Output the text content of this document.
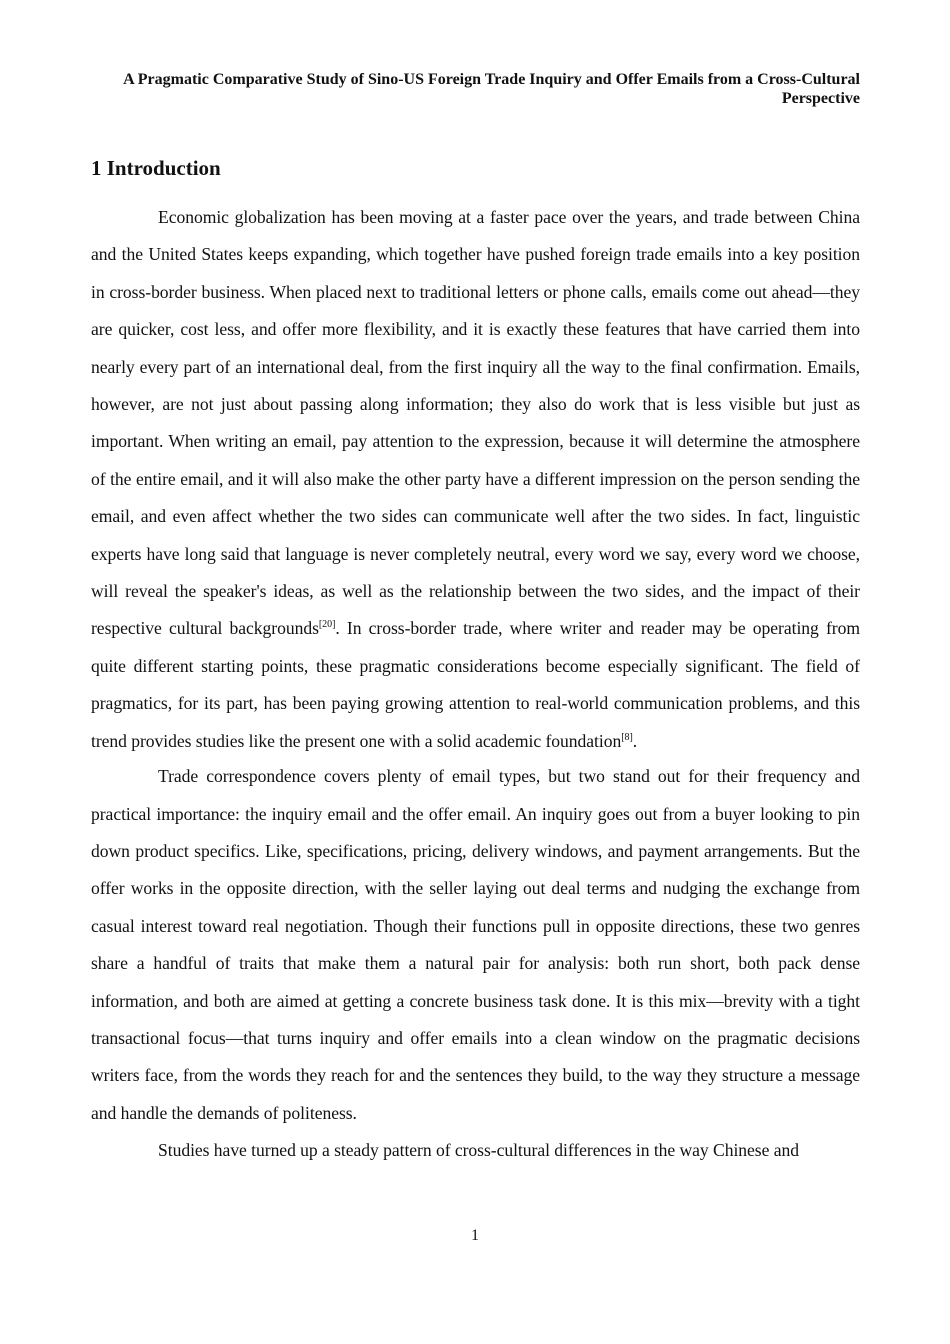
A Pragmatic Comparative Study of Sino-US Foreign Trade Inquiry and Offer Emails from a Cross-Cultural Perspective
1 Introduction

Economic globalization has been moving at a faster pace over the years, and trade between China and the United States keeps expanding, which together have pushed foreign trade emails into a key position in cross-border business. When placed next to traditional letters or phone calls, emails come out ahead—they are quicker, cost less, and offer more flexibility, and it is exactly these features that have carried them into nearly every part of an international deal, from the first inquiry all the way to the final confirmation. Emails, however, are not just about passing along information; they also do work that is less visible but just as important. When writing an email, pay attention to the expression, because it will determine the atmosphere of the entire email, and it will also make the other party have a different impression on the person sending the email, and even affect whether the two sides can communicate well after the two sides. In fact, linguistic experts have long said that language is never completely neutral, every word we say, every word we choose, will reveal the speaker's ideas, as well as the relationship between the two sides, and the impact of their respective cultural backgrounds[20]. In cross-border trade, where writer and reader may be operating from quite different starting points, these pragmatic considerations become especially significant. The field of pragmatics, for its part, has been paying growing attention to real-world communication problems, and this trend provides studies like the present one with a solid academic foundation[8].

Trade correspondence covers plenty of email types, but two stand out for their frequency and practical importance: the inquiry email and the offer email. An inquiry goes out from a buyer looking to pin down product specifics. Like, specifications, pricing, delivery windows, and payment arrangements. But the offer works in the opposite direction, with the seller laying out deal terms and nudging the exchange from casual interest toward real negotiation. Though their functions pull in opposite directions, these two genres share a handful of traits that make them a natural pair for analysis: both run short, both pack dense information, and both are aimed at getting a concrete business task done. It is this mix—brevity with a tight transactional focus—that turns inquiry and offer emails into a clean window on the pragmatic decisions writers face, from the words they reach for and the sentences they build, to the way they structure a message and handle the demands of politeness.

Studies have turned up a steady pattern of cross-cultural differences in the way Chinese and

1
